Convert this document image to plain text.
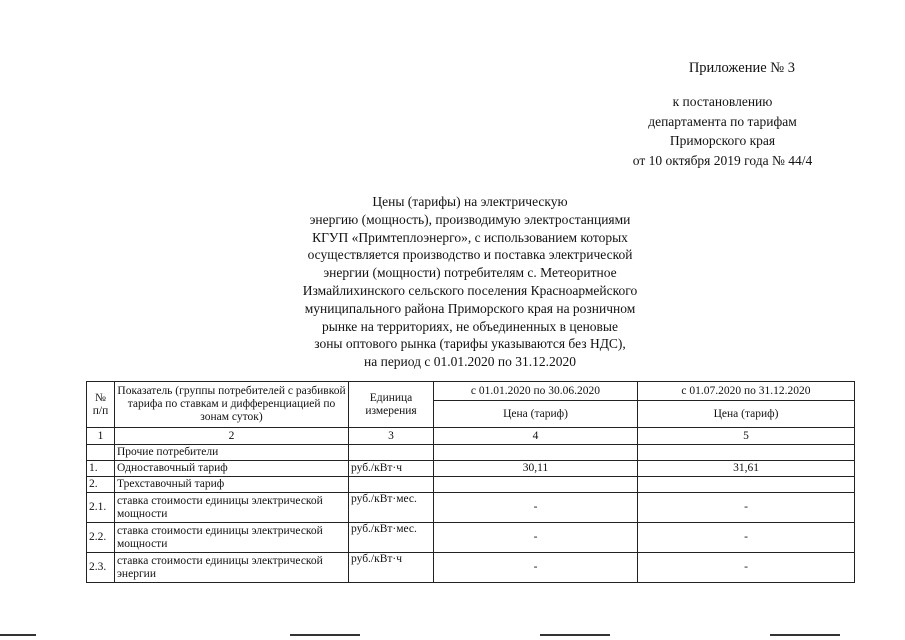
Приложение № 3
к постановлению
департамента по тарифам
Приморского края
от 10 октября 2019 года № 44/4
Цены (тарифы) на электрическую
энергию (мощность), производимую электростанциями
КГУП «Примтеплоэнерго», с использованием которых
осуществляется производство и поставка электрической
энергии (мощности) потребителям с. Метеоритное
Измайлихинского сельского поселения Красноармейского
муниципального района Приморского края на розничном
рынке на территориях, не объединенных в ценовые
зоны оптового рынка (тарифы указываются без НДС),
на период с 01.01.2020 по 31.12.2020
№ п/п	Показатель (группы потребителей с разбивкой тарифа по ставкам и дифференциацией по зонам суток)	Единица измерения	с 01.01.2020 по 30.06.2020	с 01.07.2020 по 31.12.2020
			Цена (тариф)	Цена (тариф)
1	2	3	4	5
	Прочие потребители			
1.	Одноставочный тариф	руб./кВт·ч	30,11	31,61
2.	Трехставочный тариф			
2.1.	ставка стоимости единицы электрической мощности	руб./кВт·мес.	-	-
2.2.	ставка стоимости единицы электрической мощности	руб./кВт·мес.	-	-
2.3.	ставка стоимости единицы электрической энергии	руб./кВт·ч	-	-
